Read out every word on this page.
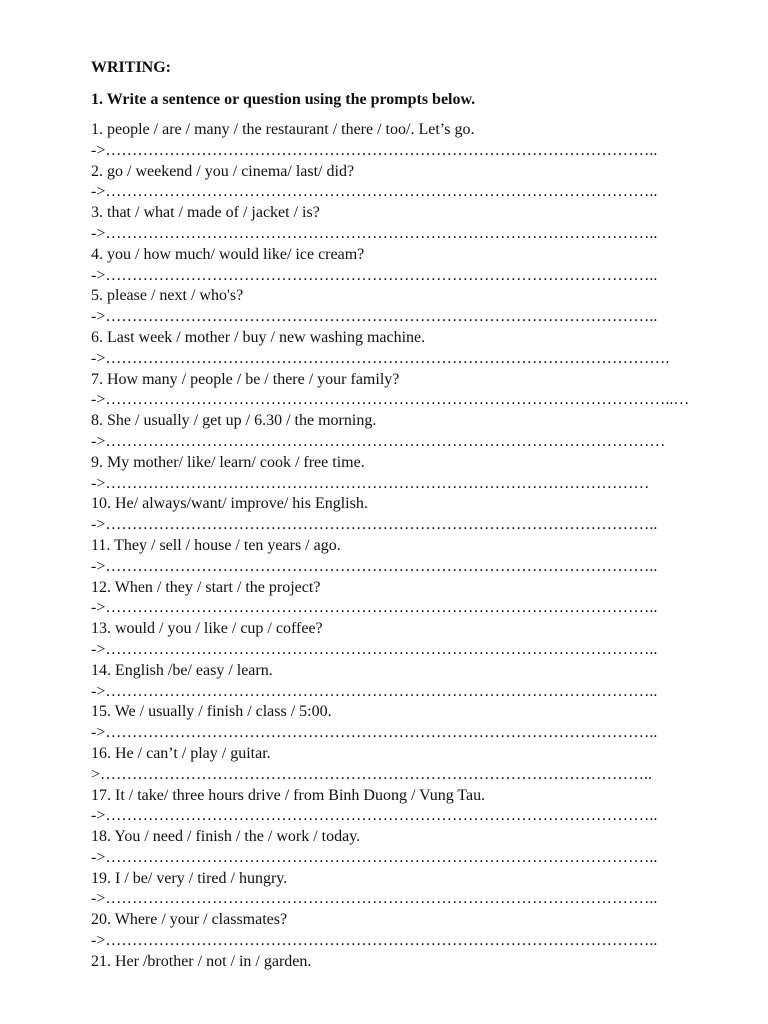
WRITING:
1. Write a sentence or question using the prompts below.
1. people / are / many / the restaurant / there / too/. Let’s go.
->…………………………………………………………………………………………..
2. go / weekend / you / cinema/ last/ did?
->…………………………………………………………………………………………..
3. that / what / made of / jacket / is?
->…………………………………………………………………………………………..
4. you / how much/ would like/ ice cream?
->…………………………………………………………………………………………..
5. please / next / who's?
->…………………………………………………………………………………………..
6. Last week / mother / buy / new washing machine.
->…………………………………………………………………………………………….
7. How many / people / be / there / your family?
->……………………………………………………………………………………………..…
8. She / usually / get up / 6.30 / the morning.
->……………………………………………………………………………………………
9. My mother/ like/ learn/ cook / free time.
->…………………………………………………………………………………………
10. He/ always/want/ improve/ his English.
->…………………………………………………………………………………………..
11. They / sell / house / ten years / ago.
->…………………………………………………………………………………………..
12. When / they / start / the project?
->…………………………………………………………………………………………..
13. would / you / like / cup / coffee?
->…………………………………………………………………………………………..
14. English /be/ easy / learn.
->…………………………………………………………………………………………..
15. We / usually / finish / class / 5:00.
->…………………………………………………………………………………………..
16. He / can’t / play / guitar.
>…………………………………………………………………………………………..
17. It / take/ three hours drive / from Binh Duong / Vung Tau.
->…………………………………………………………………………………………..
18. You / need / finish / the / work / today.
->…………………………………………………………………………………………..
19. I / be/ very / tired / hungry.
->…………………………………………………………………………………………..
20. Where / your / classmates?
->…………………………………………………………………………………………..
21. Her /brother / not / in / garden.
